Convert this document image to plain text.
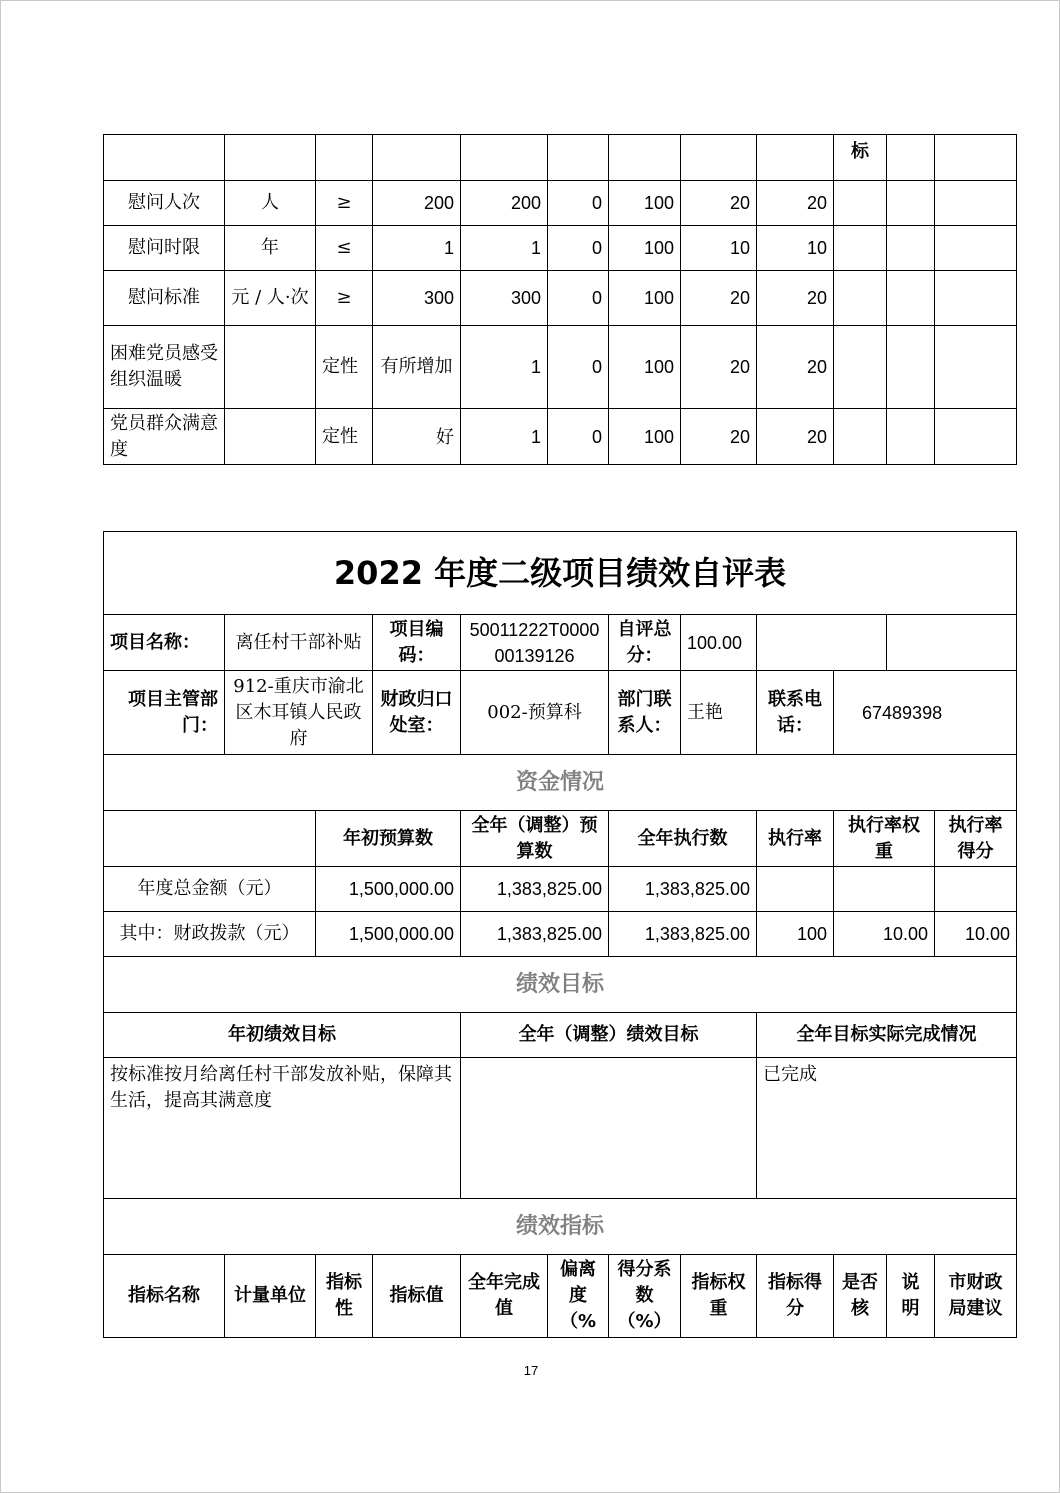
									标		
慰问人次	人	≥	200	200	0	100	20	20			
慰问时限	年	≤	1	1	0	100	10	10			
慰问标准	元 / 人·次	≥	300	300	0	100	20	20			
困难党员感受组织温暖		定性	有所增加	1	0	100	20	20			
党员群众满意度		定性	好	1	0	100	20	20			
2022 年度二级项目绩效自评表											
项目名称：	离任村干部补贴		项目编码：	50011222T000000139126		自评总分：	100.00				
项目主管部门：	912-重庆市渝北区木耳镇人民政府		财政归口处室：	002-预算科		部门联系人：	王艳	联系电话：	67489398		
资金情况											
		年初预算数		全年（调整）预算数		全年执行数		执行率	执行率权重		执行率得分
年度总金额（元）		1,500,000.00		1,383,825.00		1,383,825.00					
其中：财政拨款（元）		1,500,000.00		1,383,825.00		1,383,825.00		100	10.00		10.00
绩效目标											
年初绩效目标				全年（调整）绩效目标				全年目标实际完成情况			
按标准按月给离任村干部发放补贴，保障其生活，提高其满意度								已完成			
绩效指标											
指标名称	计量单位	指标性	指标值	全年完成值	偏离度（%	得分系数（%）	指标权重	指标得分	是否核	说明	市财政局建议
17
